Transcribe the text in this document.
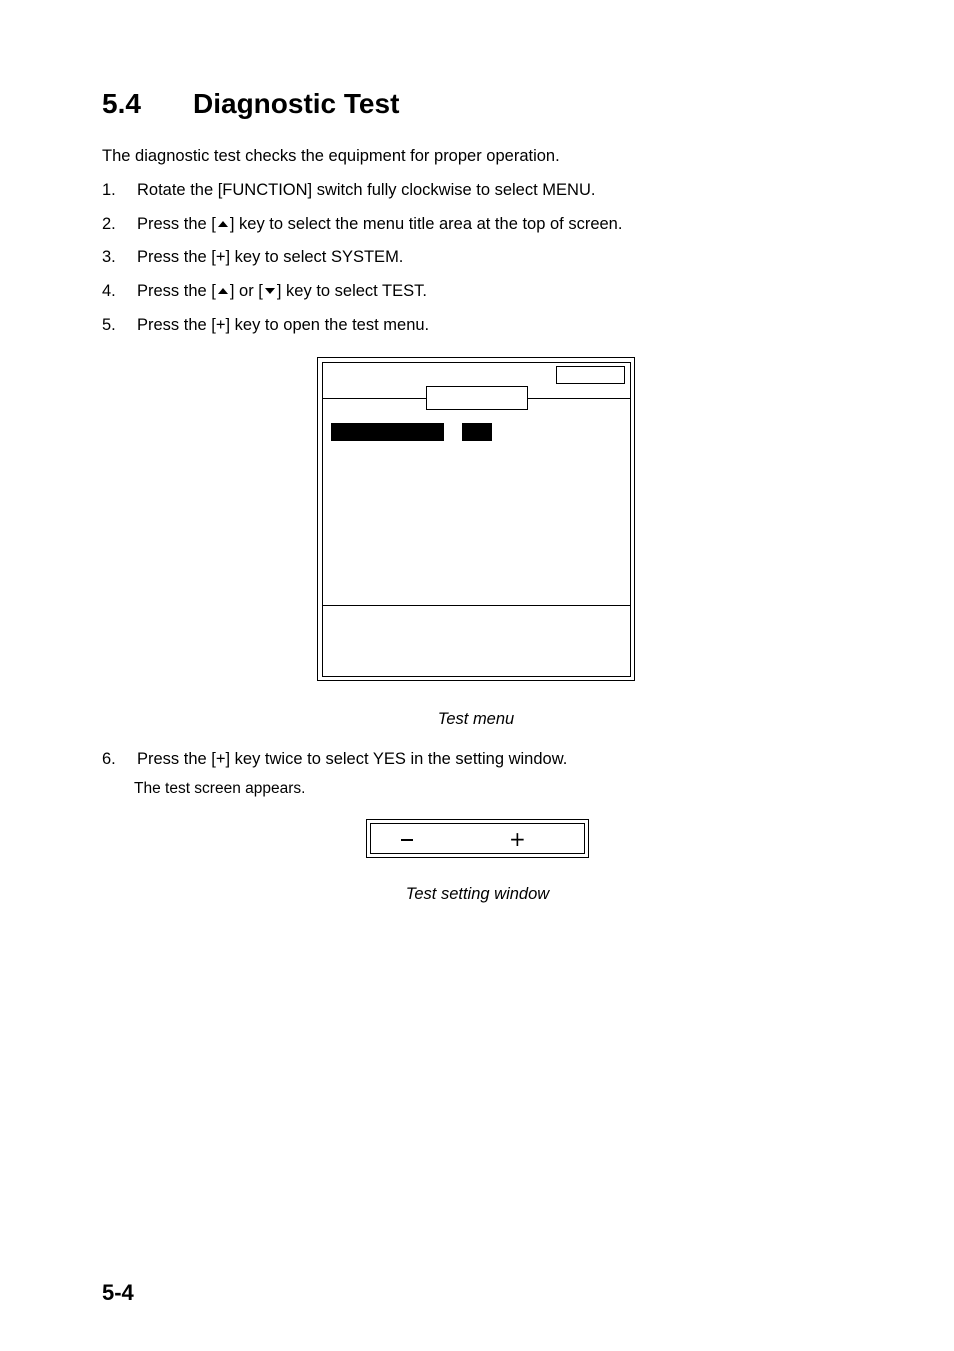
5.4 Diagnostic Test
The diagnostic test checks the equipment for proper operation.
1. Rotate the [FUNCTION] switch fully clockwise to select MENU.
2. Press the [ ] key to select the menu title area at the top of screen.
3. Press the [+] key to select SYSTEM.
4. Press the [ ] or [ ] key to select TEST.
5. Press the [+] key to open the test menu.
Test menu
6. Press the [+] key twice to select YES in the setting window.
The test screen appears.
+
Test setting window
5-4
